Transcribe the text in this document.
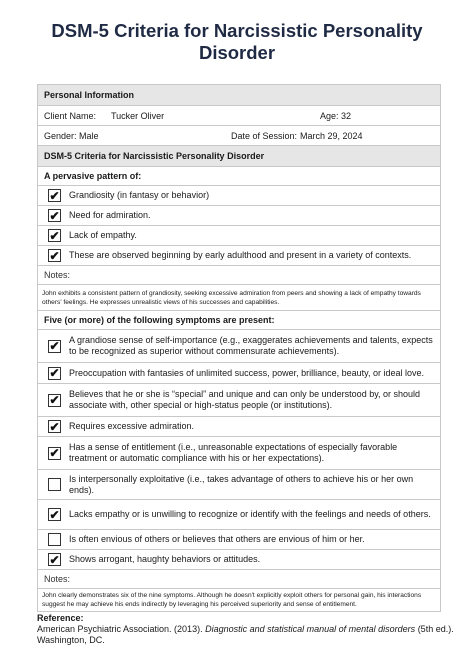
DSM-5 Criteria for Narcissistic Personality Disorder
Personal Information
Client Name: Tucker Oliver	Age: 32
Gender: Male	Date of Session: March 29, 2024
DSM-5 Criteria for Narcissistic Personality Disorder
A pervasive pattern of:
✔ Grandiosity (in fantasy or behavior)
✔ Need for admiration.
✔ Lack of empathy.
✔ These are observed beginning by early adulthood and present in a variety of contexts.
Notes:
John exhibits a consistent pattern of grandiosity, seeking excessive admiration from peers and showing a lack of empathy towards others' feelings. He expresses unrealistic views of his successes and capabilities.
Five (or more) of the following symptoms are present:
✔ A grandiose sense of self-importance (e.g., exaggerates achievements and talents, expects to be recognized as superior without commensurate achievements).
✔ Preoccupation with fantasies of unlimited success, power, brilliance, beauty, or ideal love.
✔ Believes that he or she is “special” and unique and can only be understood by, or should associate with, other special or high-status people (or institutions).
✔ Requires excessive admiration.
✔ Has a sense of entitlement (i.e., unreasonable expectations of especially favorable treatment or automatic compliance with his or her expectations).
Is interpersonally exploitative (i.e., takes advantage of others to achieve his or her own ends).
✔ Lacks empathy or is unwilling to recognize or identify with the feelings and needs of others.
Is often envious of others or believes that others are envious of him or her.
✔ Shows arrogant, haughty behaviors or attitudes.
Notes:
John clearly demonstrates six of the nine symptoms. Although he doesn't explicitly exploit others for personal gain, his interactions suggest he may achieve his ends indirectly by leveraging his perceived superiority and sense of entitlement.
Reference:
American Psychiatric Association. (2013). Diagnostic and statistical manual of mental disorders (5th ed.). Washington, DC.
